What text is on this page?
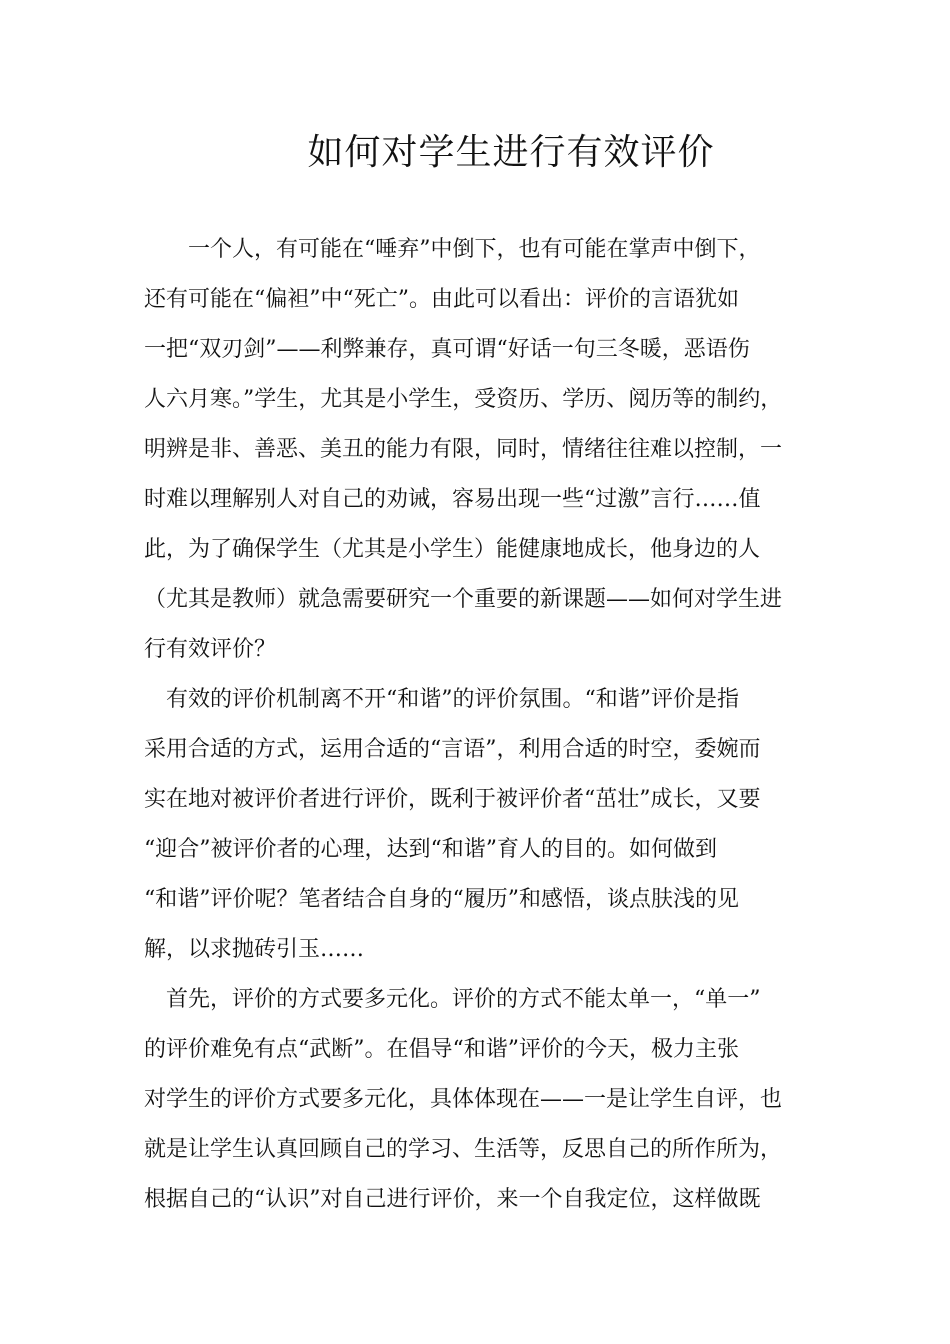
如何对学生进行有效评价
一个人，有可能在“唾弃”中倒下，也有可能在掌声中倒下，
还有可能在“偏袒”中“死亡”。由此可以看出：评价的言语犹如
一把“双刃剑”——利弊兼存，真可谓“好话一句三冬暖，恶语伤
人六月寒。”学生，尤其是小学生，受资历、学历、阅历等的制约，
明辨是非、善恶、美丑的能力有限，同时，情绪往往难以控制，一
时难以理解别人对自己的劝诫，容易出现一些“过激”言行……值
此，为了确保学生（尤其是小学生）能健康地成长，他身边的人
（尤其是教师）就急需要研究一个重要的新课题——如何对学生进
行有效评价？
有效的评价机制离不开“和谐”的评价氛围。“和谐”评价是指
采用合适的方式，运用合适的“言语”，利用合适的时空，委婉而
实在地对被评价者进行评价，既利于被评价者“茁壮”成长，又要
“迎合”被评价者的心理，达到“和谐”育人的目的。如何做到
“和谐”评价呢？笔者结合自身的“履历”和感悟，谈点肤浅的见
解，以求抛砖引玉……
首先，评价的方式要多元化。评价的方式不能太单一，“单一”
的评价难免有点“武断”。在倡导“和谐”评价的今天，极力主张
对学生的评价方式要多元化，具体体现在——一是让学生自评，也
就是让学生认真回顾自己的学习、生活等，反思自己的所作所为，
根据自己的“认识”对自己进行评价，来一个自我定位，这样做既
